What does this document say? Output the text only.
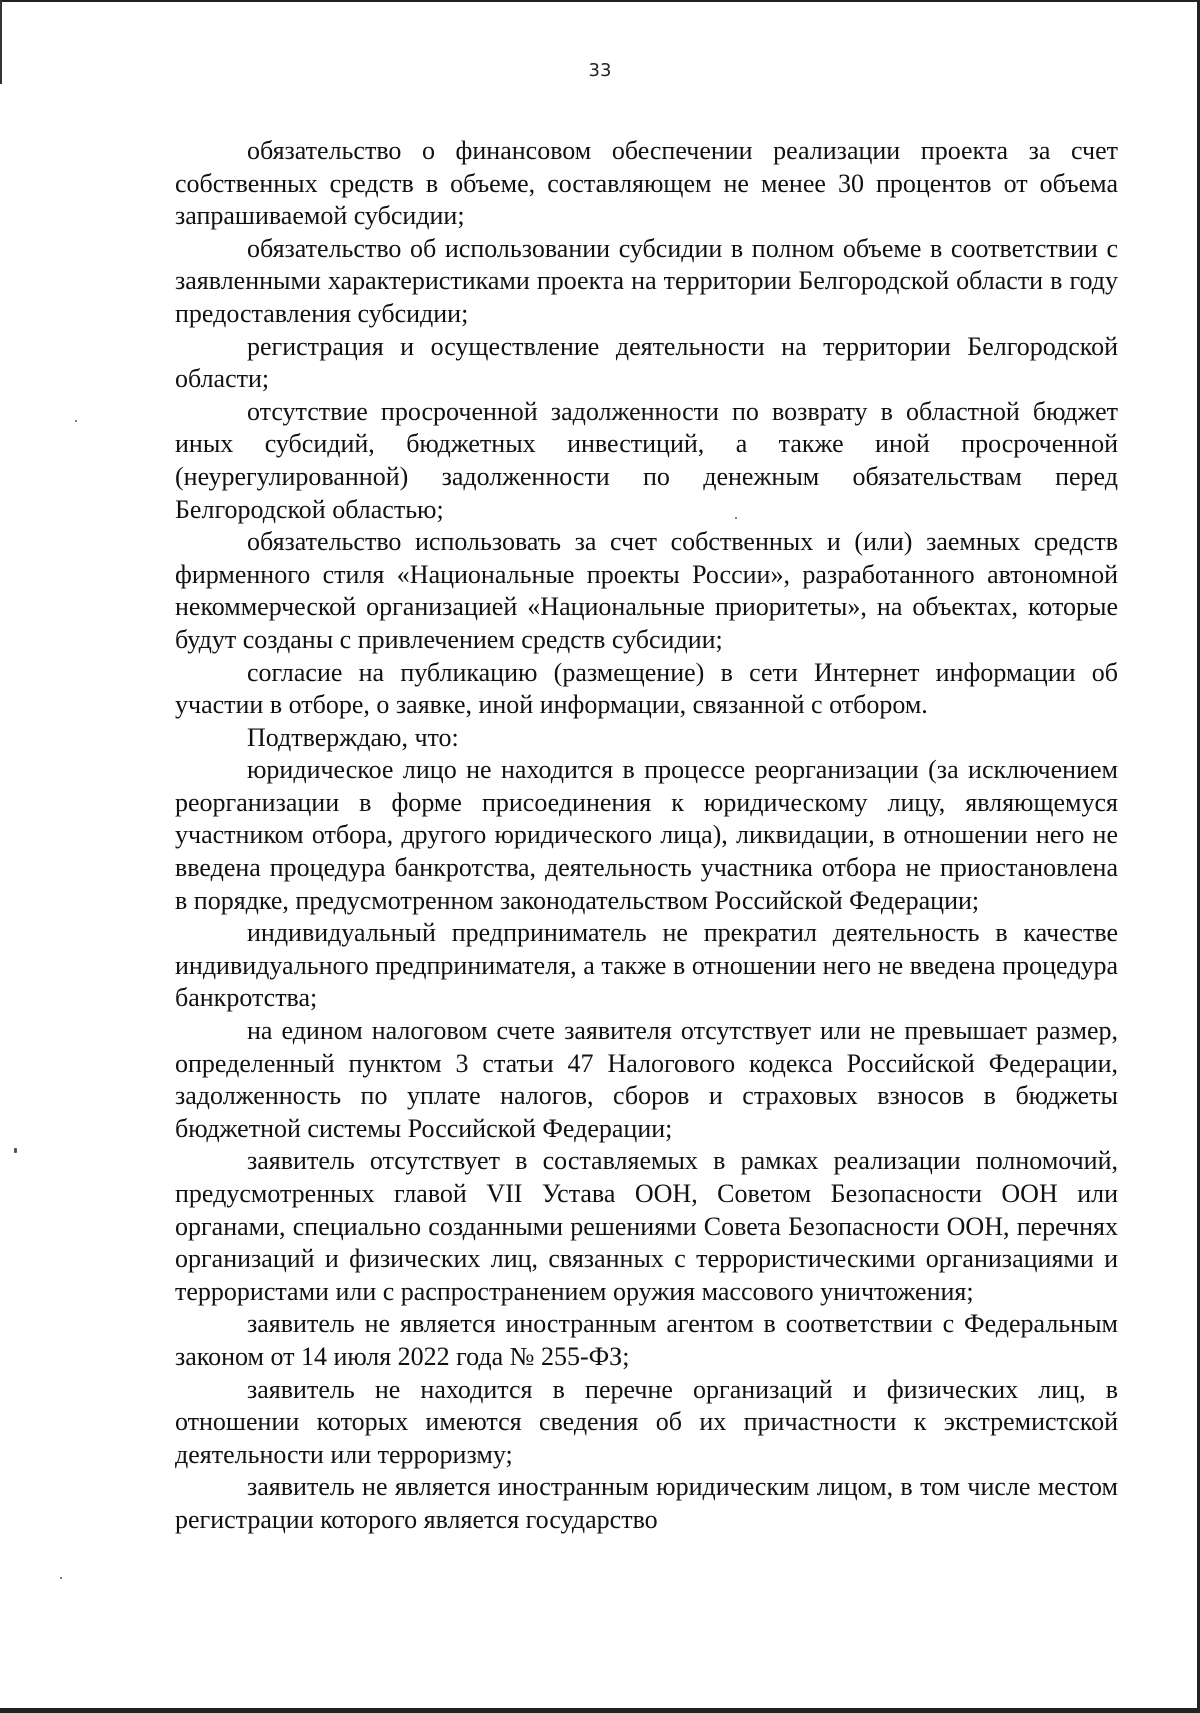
33

обязательство о финансовом обеспечении реализации проекта за счет собственных средств в объеме, составляющем не менее 30 процентов от объема запрашиваемой субсидии;

обязательство об использовании субсидии в полном объеме в соответствии с заявленными характеристиками проекта на территории Белгородской области в году предоставления субсидии;

регистрация и осуществление деятельности на территории Белгородской области;

отсутствие просроченной задолженности по возврату в областной бюджет иных субсидий, бюджетных инвестиций, а также иной просроченной (неурегулированной) задолженности по денежным обязательствам перед Белгородской областью;

обязательство использовать за счет собственных и (или) заемных средств фирменного стиля «Национальные проекты России», разработанного автономной некоммерческой организацией «Национальные приоритеты», на объектах, которые будут созданы с привлечением средств субсидии;

согласие на публикацию (размещение) в сети Интернет информации об участии в отборе, о заявке, иной информации, связанной с отбором.

Подтверждаю, что:

юридическое лицо не находится в процессе реорганизации (за исключением реорганизации в форме присоединения к юридическому лицу, являющемуся участником отбора, другого юридического лица), ликвидации, в отношении него не введена процедура банкротства, деятельность участника отбора не приостановлена в порядке, предусмотренном законодательством Российской Федерации;

индивидуальный предприниматель не прекратил деятельность в качестве индивидуального предпринимателя, а также в отношении него не введена процедура банкротства;

на едином налоговом счете заявителя отсутствует или не превышает размер, определенный пунктом 3 статьи 47 Налогового кодекса Российской Федерации, задолженность по уплате налогов, сборов и страховых взносов в бюджеты бюджетной системы Российской Федерации;

заявитель отсутствует в составляемых в рамках реализации полномочий, предусмотренных главой VII Устава ООН, Советом Безопасности ООН или органами, специально созданными решениями Совета Безопасности ООН, перечнях организаций и физических лиц, связанных с террористическими организациями и террористами или с распространением оружия массового уничтожения;

заявитель не является иностранным агентом в соответствии с Федеральным законом от 14 июля 2022 года № 255-ФЗ;

заявитель не находится в перечне организаций и физических лиц, в отношении которых имеются сведения об их причастности к экстремистской деятельности или терроризму;

заявитель не является иностранным юридическим лицом, в том числе местом регистрации которого является государство
